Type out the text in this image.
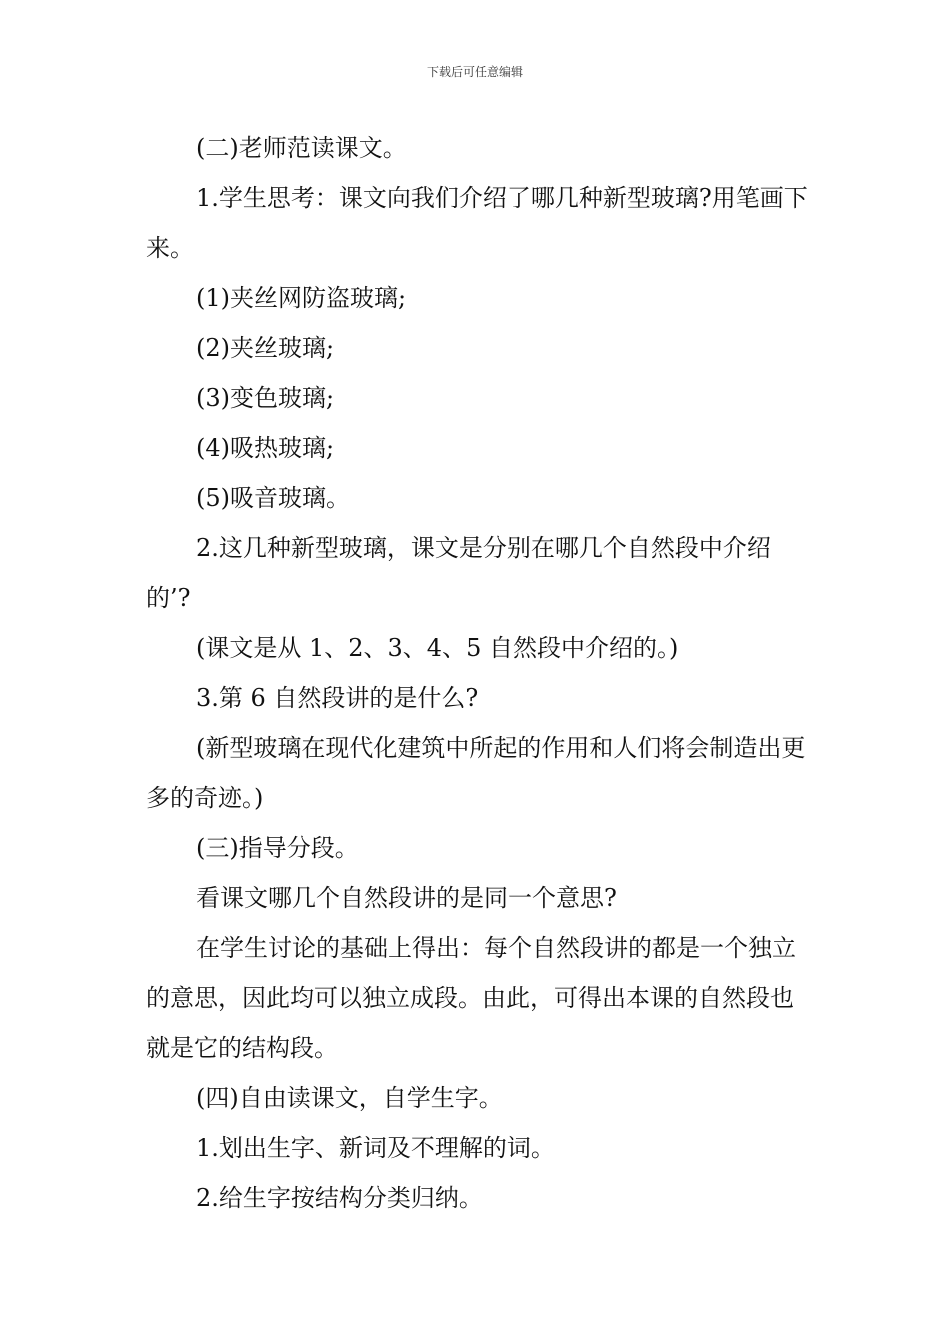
下载后可任意编辑

(二)老师范读课文。

1.学生思考：课文向我们介绍了哪几种新型玻璃?用笔画下来。

(1)夹丝网防盗玻璃;

(2)夹丝玻璃;

(3)变色玻璃;

(4)吸热玻璃;

(5)吸音玻璃。

2.这几种新型玻璃，课文是分别在哪几个自然段中介绍的’?

(课文是从 1、2、3、4、5 自然段中介绍的。)

3.第 6 自然段讲的是什么?

(新型玻璃在现代化建筑中所起的作用和人们将会制造出更多的奇迹。)

(三)指导分段。

看课文哪几个自然段讲的是同一个意思?

在学生讨论的基础上得出：每个自然段讲的都是一个独立的意思，因此均可以独立成段。由此，可得出本课的自然段也就是它的结构段。

(四)自由读课文，自学生字。

1.划出生字、新词及不理解的词。

2.给生字按结构分类归纳。
